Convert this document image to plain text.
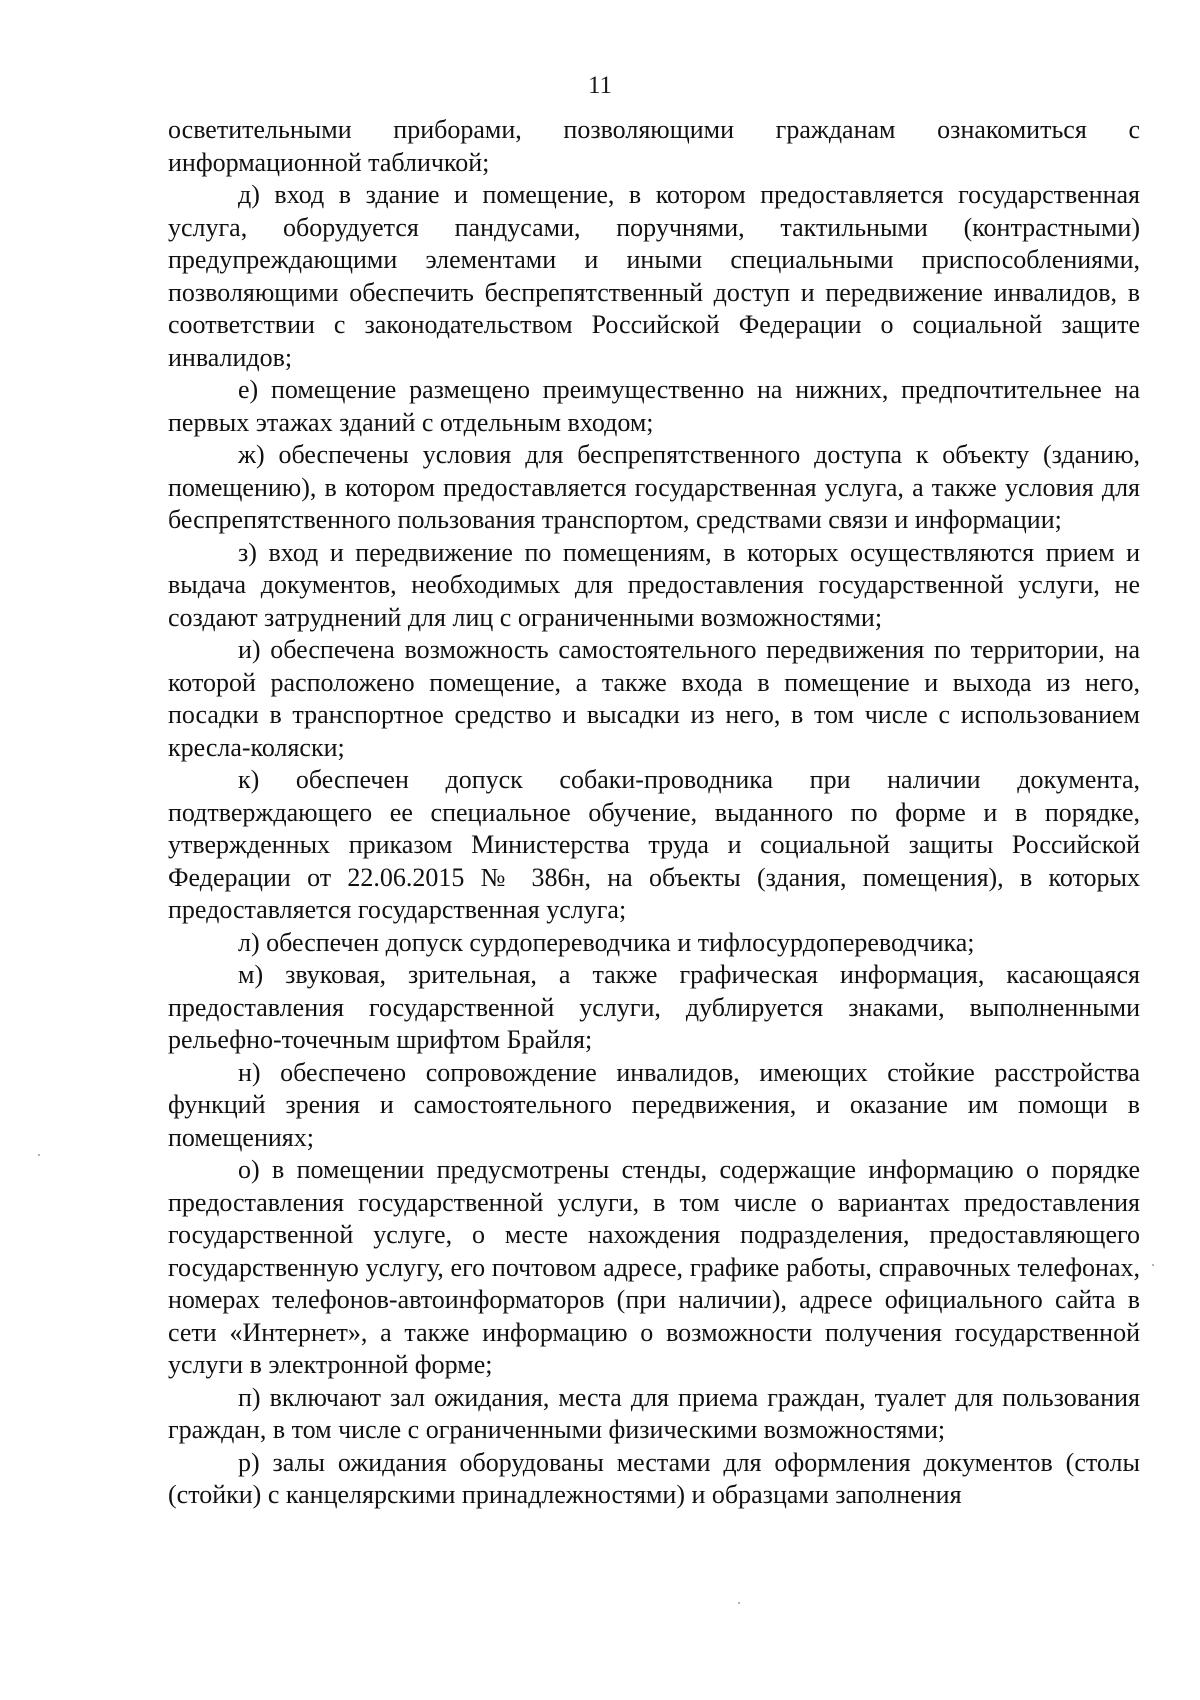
11

осветительными приборами, позволяющими гражданам ознакомиться с информационной табличкой;

д) вход в здание и помещение, в котором предоставляется государственная услуга, оборудуется пандусами, поручнями, тактильными (контрастными) предупреждающими элементами и иными специальными приспособлениями, позволяющими обеспечить беспрепятственный доступ и передвижение инвалидов, в соответствии с законодательством Российской Федерации о социальной защите инвалидов;

е) помещение размещено преимущественно на нижних, предпочтительнее на первых этажах зданий с отдельным входом;

ж) обеспечены условия для беспрепятственного доступа к объекту (зданию, помещению), в котором предоставляется государственная услуга, а также условия для беспрепятственного пользования транспортом, средствами связи и информации;

з) вход и передвижение по помещениям, в которых осуществляются прием и выдача документов, необходимых для предоставления государственной услуги, не создают затруднений для лиц с ограниченными возможностями;

и) обеспечена возможность самостоятельного передвижения по территории, на которой расположено помещение, а также входа в помещение и выхода из него, посадки в транспортное средство и высадки из него, в том числе с использованием кресла-коляски;

к) обеспечен допуск собаки-проводника при наличии документа, подтверждающего ее специальное обучение, выданного по форме и в порядке, утвержденных приказом Министерства труда и социальной защиты Российской Федерации от 22.06.2015 № 386н, на объекты (здания, помещения), в которых предоставляется государственная услуга;

л) обеспечен допуск сурдопереводчика и тифлосурдопереводчика;

м) звуковая, зрительная, а также графическая информация, касающаяся предоставления государственной услуги, дублируется знаками, выполненными рельефно-точечным шрифтом Брайля;

н) обеспечено сопровождение инвалидов, имеющих стойкие расстройства функций зрения и самостоятельного передвижения, и оказание им помощи в помещениях;

о) в помещении предусмотрены стенды, содержащие информацию о порядке предоставления государственной услуги, в том числе о вариантах предоставления государственной услуге, о месте нахождения подразделения, предоставляющего государственную услугу, его почтовом адресе, графике работы, справочных телефонах, номерах телефонов-автоинформаторов (при наличии), адресе официального сайта в сети «Интернет», а также информацию о возможности получения государственной услуги в электронной форме;

п) включают зал ожидания, места для приема граждан, туалет для пользования граждан, в том числе с ограниченными физическими возможностями;

р) залы ожидания оборудованы местами для оформления документов (столы (стойки) с канцелярскими принадлежностями) и образцами заполнения
